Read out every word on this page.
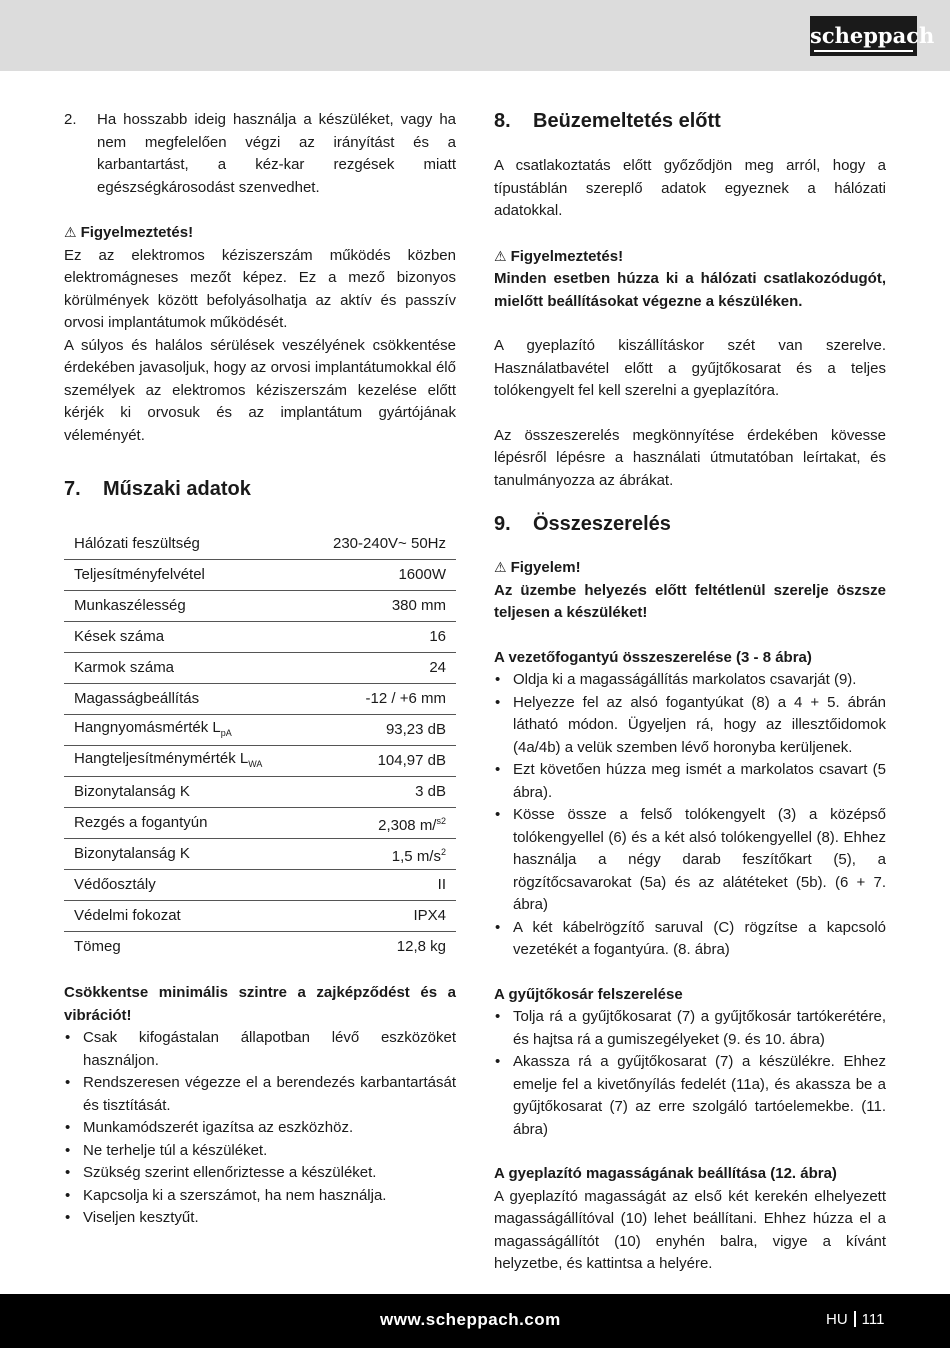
scheppach
2.	Ha hosszabb ideig használja a készüléket, vagy ha nem megfelelően végzi az irányítást és a karbantartást, a kéz-kar rezgések miatt egészségkárosodást szenvedhet.

⚠ Figyelmeztetés!

Ez az elektromos kéziszerszám működés közben elektromágneses mezőt képez. Ez a mező bizonyos körülmények között befolyásolhatja az aktív és passzív orvosi implantátumok működését.

A súlyos és halálos sérülések veszélyének csökkentése érdekében javasoljuk, hogy az orvosi implantátumokkal élő személyek az elektromos kéziszerszám kezelése előtt kérjék ki orvosuk és az implantátum gyártójának véleményét.

7.	Műszaki adatok
Hálózati feszültség	230-240V~ 50Hz
Teljesítményfelvétel	1600W
Munkaszélesség	380 mm
Kések száma	16
Karmok száma	24
Magasságbeállítás	-12 / +6 mm
Hangnyomásmérték $L_{pA}$	93,23 dB
Hangteljesítménymérték $L_{WA}$	104,97 dB
Bizonytalanság K	3 dB
Rezgés a fogantyún	2,308 m/$^{s2}$
Bizonytalanság K	1,5 $m/s^2$
Védőosztály	II
Védelmi fokozat	IPX4
Tömeg	12,8 kg

Csökkentse minimális szintre a zajképződést és a vibrációt!

• Csak kifogástalan állapotban lévő eszközöket használjon.
• Rendszeresen végezze el a berendezés karbantartását és tisztítását.
• Munkamódszerét igazítsa az eszközhöz.
• Ne terhelje túl a készüléket.
• Szükség szerint ellenőriztesse a készüléket.
• Kapcsolja ki a szerszámot, ha nem használja.
• Viseljen kesztyűt.
8.	Beüzemeltetés előtt

A csatlakoztatás előtt győződjön meg arról, hogy a típustáblán szereplő adatok egyeznek a hálózati adatokkal.

⚠ Figyelmeztetés!

Minden esetben húzza ki a hálózati csatlakozódugót, mielőtt beállításokat végezne a készüléken.

A gyeplazító kiszállításkor szét van szerelve. Használatbavétel előtt a gyűjtőkosarat és a teljes tolókengyelt fel kell szerelni a gyeplazítóra.

Az összeszerelés megkönnyítése érdekében kövesse lépésről lépésre a használati útmutatóban leírtakat, és tanulmányozza az ábrákat.

9.	Összeszerelés

⚠ Figyelem!

Az üzembe helyezés előtt feltétlenül szerelje öszsze teljesen a készüléket!

A vezetőfogantyú összeszerelése (3 - 8 ábra)

• Oldja ki a magasságállítás markolatos csavarját (9).
• Helyezze fel az alsó fogantyúkat (8) a 4 + 5. ábrán látható módon. Ügyeljen rá, hogy az illesztőidomok (4a/4b) a velük szemben lévő horonyba kerüljenek.
• Ezt követően húzza meg ismét a markolatos csavart (5 ábra).
• Kösse össze a felső tolókengyelt (3) a középső tolókengyellel (6) és a két alsó tolókengyellel (8). Ehhez használja a négy darab feszítőkart (5), a rögzítőcsavarokat (5a) és az alátéteket (5b). (6 + 7. ábra)
• A két kábelrögzítő saruval (C) rögzítse a kapcsoló vezetékét a fogantyúra. (8. ábra)

A gyűjtőkosár felszerelése

• Tolja rá a gyűjtőkosarat (7) a gyűjtőkosár tartókerétére, és hajtsa rá a gumiszegélyeket (9. és 10. ábra)
• Akassza rá a gyűjtőkosarat (7) a készülékre. Ehhez emelje fel a kivetőnyílás fedelét (11a), és akassza be a gyűjtőkosarat (7) az erre szolgáló tartóelemekbe. (11. ábra)

A gyeplazító magasságának beállítása (12. ábra)

A gyeplazító magasságát az első két kerekén elhelyezett magasságállítóval (10) lehet beállítani. Ehhez húzza el a magasságállítót (10) enyhén balra, vigye a kívánt helyzetbe, és kattintsa a helyére.

www.scheppach.com	HU 111
